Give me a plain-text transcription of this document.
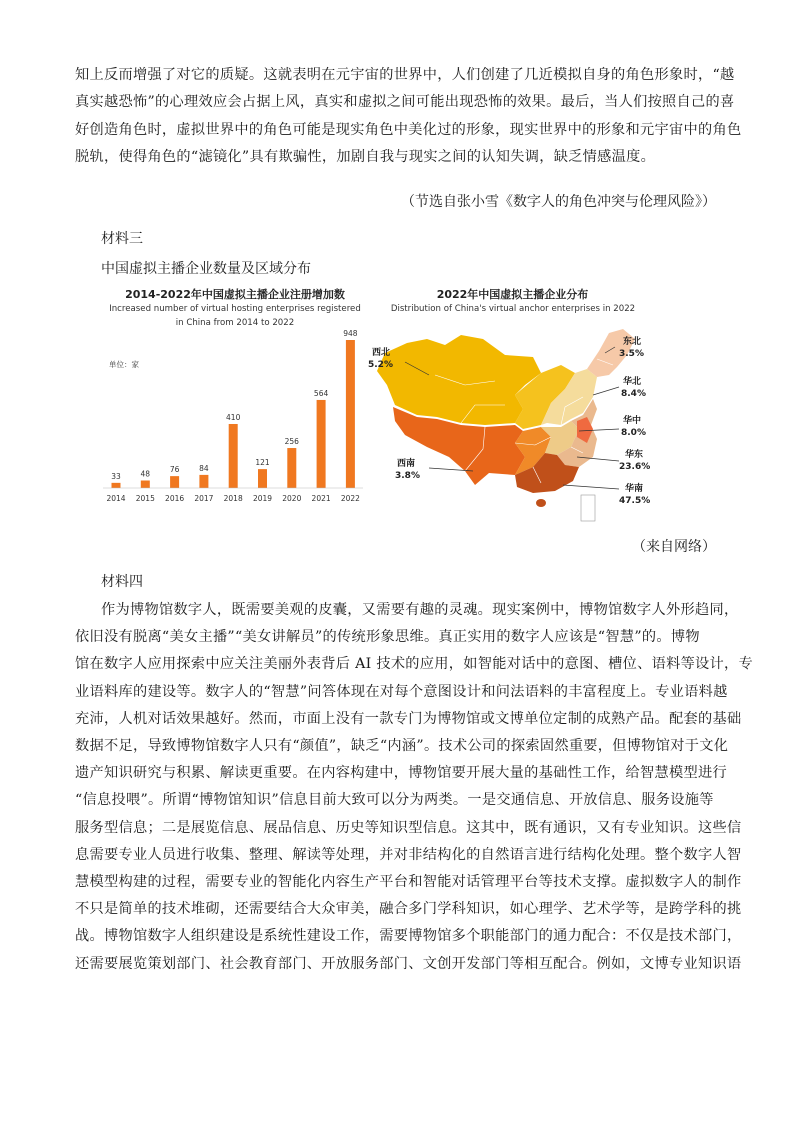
知上反而增强了对它的质疑。这就表明在元宇宙的世界中，人们创建了几近模拟自身的角色形象时，“越
真实越恐怖”的心理效应会占据上风，真实和虚拟之间可能出现恐怖的效果。最后，当人们按照自己的喜
好创造角色时，虚拟世界中的角色可能是现实角色中美化过的形象，现实世界中的形象和元宇宙中的角色
脱轨，使得角色的“滤镜化”具有欺骗性，加剧自我与现实之间的认知失调，缺乏情感温度。
（节选自张小雪《数字人的角色冲突与伦理风险》）
材料三
中国虚拟主播企业数量及区域分布
2014-2022年中国虚拟主播企业注册增加数
Increased number of virtual hosting enterprises registered
in China from 2014 to 2022
单位：家
33
2014
48
2015
76
2016
84
2017
410
2018
121
2019
256
2020
564
2021
948
2022
2022年中国虚拟主播企业分布
Distribution of China's virtual anchor enterprises in 2022
西北
5.2%
东北
3.5%
华北
8.4%
华中
8.0%
华东
23.6%
西南
3.8%
华南
47.5%
（来自网络）
材料四
作为博物馆数字人，既需要美观的皮囊，又需要有趣的灵魂。现实案例中，博物馆数字人外形趋同，
依旧没有脱离“美女主播”“美女讲解员”的传统形象思维。真正实用的数字人应该是“智慧”的。博物
馆在数字人应用探索中应关注美丽外表背后 AI 技术的应用，如智能对话中的意图、槽位、语料等设计，专
业语料库的建设等。数字人的“智慧”问答体现在对每个意图设计和问法语料的丰富程度上。专业语料越
充沛，人机对话效果越好。然而，市面上没有一款专门为博物馆或文博单位定制的成熟产品。配套的基础
数据不足，导致博物馆数字人只有“颜值”，缺乏“内涵”。技术公司的探索固然重要，但博物馆对于文化
遗产知识研究与积累、解读更重要。在内容构建中，博物馆要开展大量的基础性工作，给智慧模型进行
“信息投喂”。所谓“博物馆知识”信息目前大致可以分为两类。一是交通信息、开放信息、服务设施等
服务型信息；二是展览信息、展品信息、历史等知识型信息。这其中，既有通识，又有专业知识。这些信
息需要专业人员进行收集、整理、解读等处理，并对非结构化的自然语言进行结构化处理。整个数字人智
慧模型构建的过程，需要专业的智能化内容生产平台和智能对话管理平台等技术支撑。虚拟数字人的制作
不只是简单的技术堆砌，还需要结合大众审美，融合多门学科知识，如心理学、艺术学等，是跨学科的挑
战。博物馆数字人组织建设是系统性建设工作，需要博物馆多个职能部门的通力配合：不仅是技术部门，
还需要展览策划部门、社会教育部门、开放服务部门、文创开发部门等相互配合。例如，文博专业知识语
